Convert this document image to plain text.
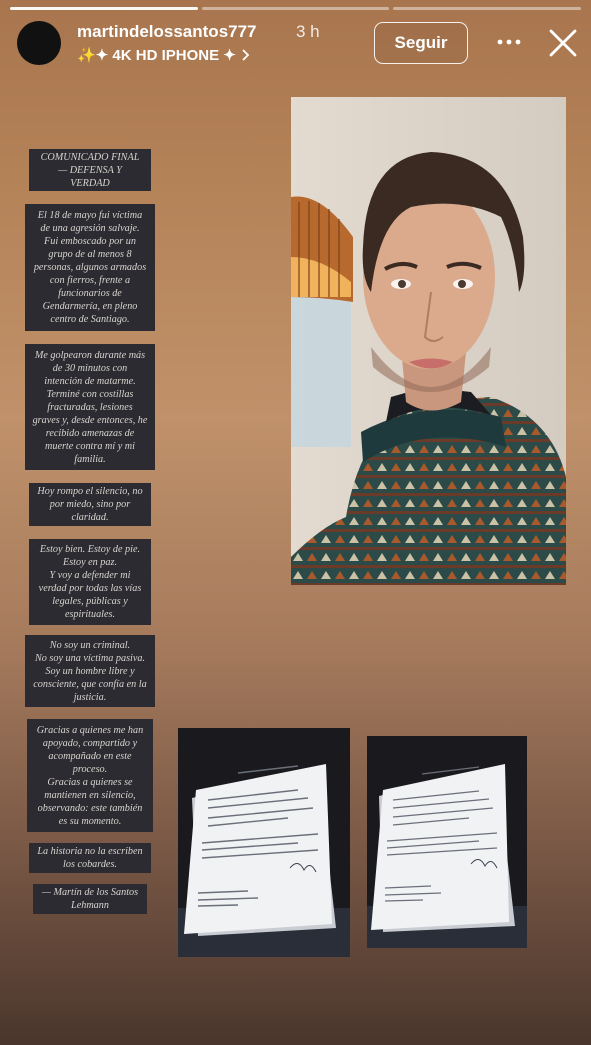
martindelossantos777 3 h
✨✦ 4K HD IPHONE ✦
Seguir
COMUNICADO FINAL
— DEFENSA Y
VERDAD
El 18 de mayo fui víctima
de una agresión salvaje.
Fui emboscado por un
grupo de al menos 8
personas, algunos armados
con fierros, frente a
funcionarios de
Gendarmería, en pleno
centro de Santiago.
Me golpearon durante más
de 30 minutos con
intención de matarme.
Terminé con costillas
fracturadas, lesiones
graves y, desde entonces, he
recibido amenazas de
muerte contra mí y mi
familia.
Hoy rompo el silencio, no
por miedo, sino por
claridad.
Estoy bien. Estoy de pie.
Estoy en paz.
Y voy a defender mi
verdad por todas las vías
legales, públicas y
espirituales.
No soy un criminal.
No soy una víctima pasiva.
Soy un hombre libre y
consciente, que confía en la
justicia.
Gracias a quienes me han
apoyado, compartido y
acompañado en este
proceso.
Gracias a quienes se
mantienen en silencio,
observando: este también
es su momento.
La historia no la escriben
los cobardes.
— Martín de los Santos
Lehmann
